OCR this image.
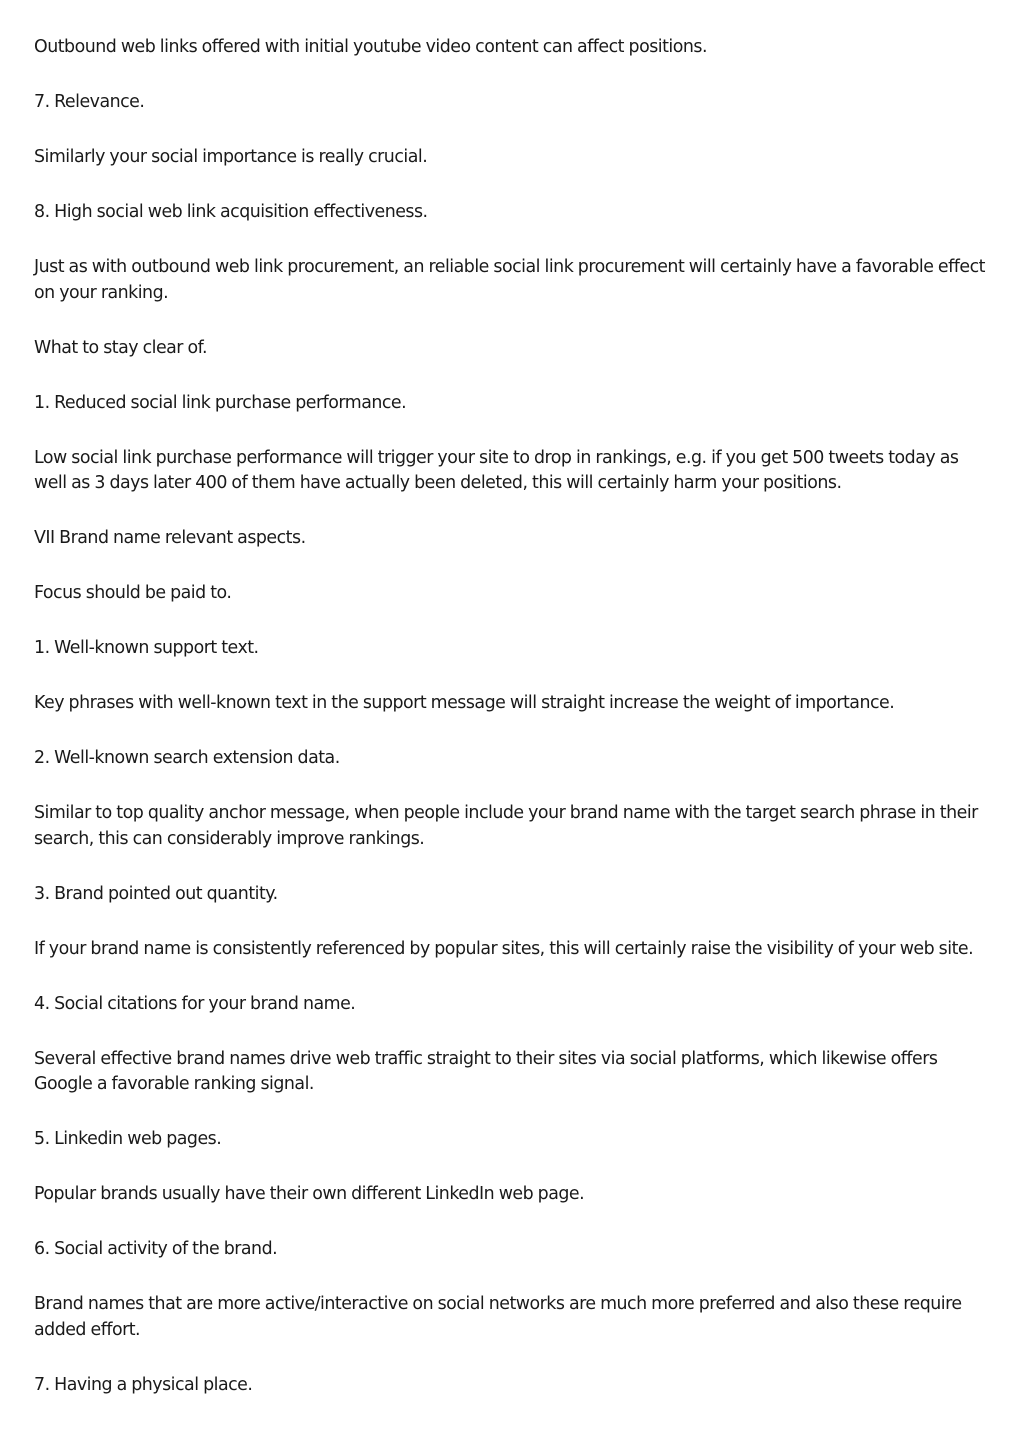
Outbound web links offered with initial youtube video content can affect positions.

7. Relevance.

Similarly your social importance is really crucial.

8. High social web link acquisition effectiveness.

Just as with outbound web link procurement, an reliable social link procurement will certainly have a favorable effect on your ranking.

What to stay clear of.

1. Reduced social link purchase performance.

Low social link purchase performance will trigger your site to drop in rankings, e.g. if you get 500 tweets today as well as 3 days later 400 of them have actually been deleted, this will certainly harm your positions.

VII Brand name relevant aspects.

Focus should be paid to.

1. Well-known support text.

Key phrases with well-known text in the support message will straight increase the weight of importance.

2. Well-known search extension data.

Similar to top quality anchor message, when people include your brand name with the target search phrase in their search, this can considerably improve rankings.

3. Brand pointed out quantity.

If your brand name is consistently referenced by popular sites, this will certainly raise the visibility of your web site.

4. Social citations for your brand name.

Several effective brand names drive web traffic straight to their sites via social platforms, which likewise offers Google a favorable ranking signal.

5. Linkedin web pages.

Popular brands usually have their own different LinkedIn web page.

6. Social activity of the brand.

Brand names that are more active/interactive on social networks are much more preferred and also these require added effort.

7. Having a physical place.
